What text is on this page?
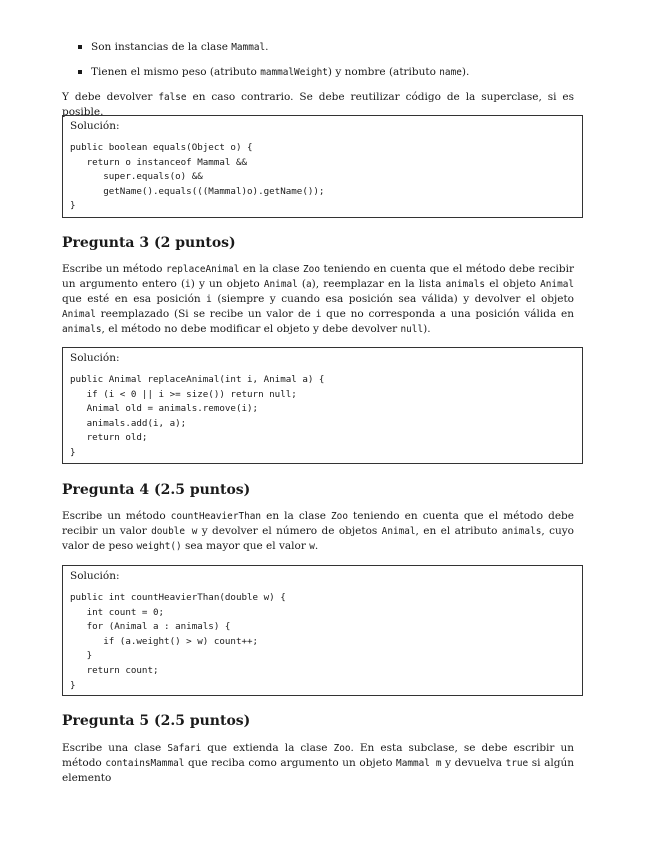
Son instancias de la clase Mammal.
Tienen el mismo peso (atributo mammalWeight) y nombre (atributo name).
Y debe devolver false en caso contrario. Se debe reutilizar código de la superclase, si es posible.
Solución:
public boolean equals(Object o) {
return o instanceof Mammal &&
super.equals(o) &&
getName().equals(((Mammal)o).getName());
}
Pregunta 3 (2 puntos)
Escribe un método replaceAnimal en la clase Zoo teniendo en cuenta que el método debe recibir un argumento entero (i) y un objeto Animal (a), reemplazar en la lista animals el objeto Animal que esté en esa posición i (siempre y cuando esa posición sea válida) y devolver el objeto Animal reemplazado (Si se recibe un valor de i que no corresponda a una posición válida en animals, el método no debe modificar el objeto y debe devolver null).
Solución:
public Animal replaceAnimal(int i, Animal a) {
if (i < 0 || i >= size()) return null;
Animal old = animals.remove(i);
animals.add(i, a);
return old;
}
Pregunta 4 (2.5 puntos)
Escribe un método countHeavierThan en la clase Zoo teniendo en cuenta que el método debe recibir un valor double w y devolver el número de objetos Animal, en el atributo animals, cuyo valor de peso weight() sea mayor que el valor w.
Solución:
public int countHeavierThan(double w) {
int count = 0;
for (Animal a : animals) {
if (a.weight() > w) count++;
}
return count;
}
Pregunta 5 (2.5 puntos)
Escribe una clase Safari que extienda la clase Zoo. En esta subclase, se debe escribir un método containsMammal que reciba como argumento un objeto Mammal m y devuelva true si algún elemento
